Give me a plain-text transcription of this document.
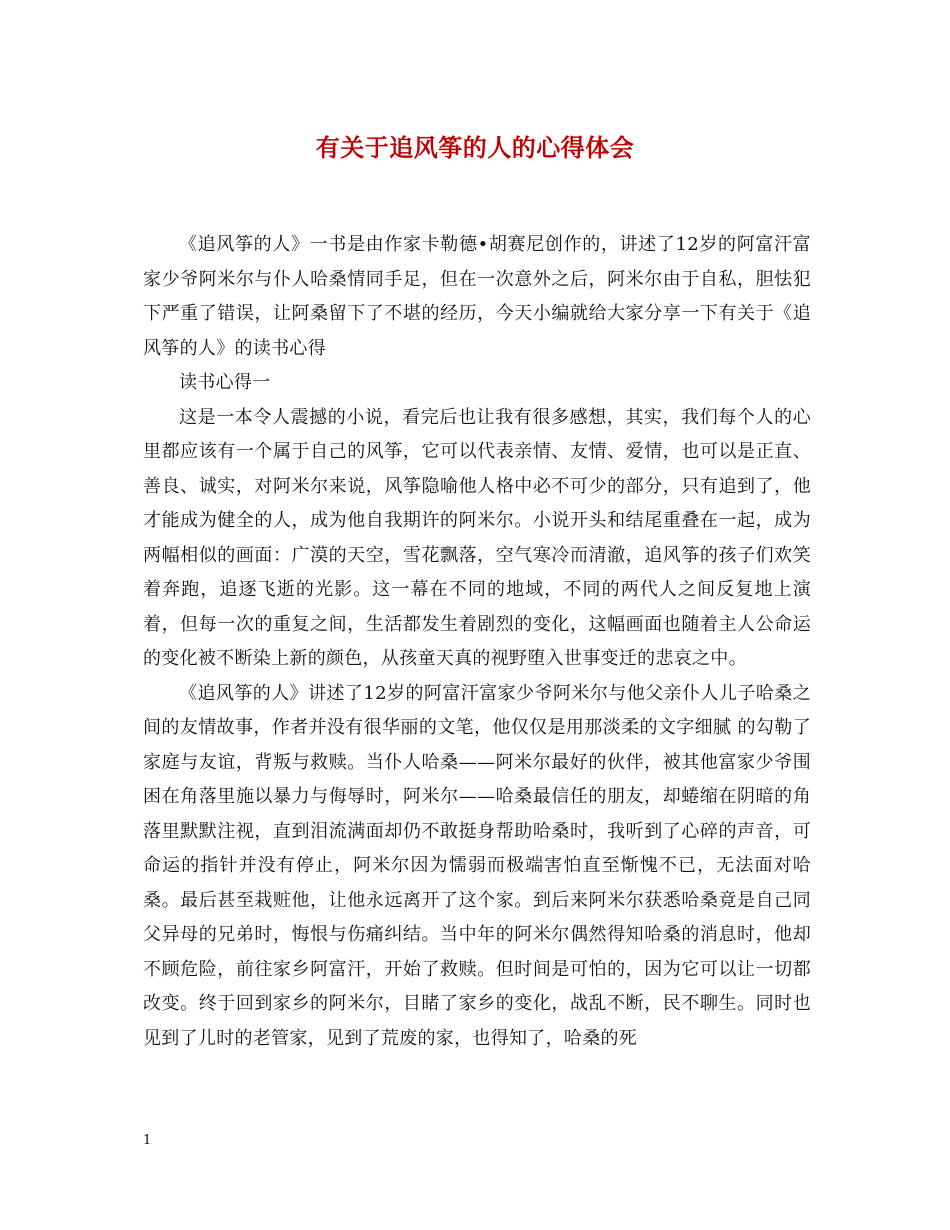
有关于追风筝的人的心得体会

《追风筝的人》一书是由作家卡勒德•胡赛尼创作的，讲述了12岁的阿富汗富家少爷阿米尔与仆人哈桑情同手足，但在一次意外之后，阿米尔由于自私，胆怯犯下严重了错误，让阿桑留下了不堪的经历，今天小编就给大家分享一下有关于《追风筝的人》的读书心得

读书心得一

这是一本令人震撼的小说，看完后也让我有很多感想，其实，我们每个人的心里都应该有一个属于自己的风筝，它可以代表亲情、友情、爱情，也可以是正直、善良、诚实，对阿米尔来说，风筝隐喻他人格中必不可少的部分，只有追到了，他才能成为健全的人，成为他自我期许的阿米尔。小说开头和结尾重叠在一起，成为两幅相似的画面：广漠的天空，雪花飘落，空气寒冷而清澈，追风筝的孩子们欢笑着奔跑，追逐飞逝的光影。这一幕在不同的地域，不同的两代人之间反复地上演着，但每一次的重复之间，生活都发生着剧烈的变化，这幅画面也随着主人公命运的变化被不断染上新的颜色，从孩童天真的视野堕入世事变迁的悲哀之中。

《追风筝的人》讲述了12岁的阿富汗富家少爷阿米尔与他父亲仆人儿子哈桑之间的友情故事，作者并没有很华丽的文笔，他仅仅是用那淡柔的文字细腻 的勾勒了家庭与友谊，背叛与救赎。当仆人哈桑——阿米尔最好的伙伴，被其他富家少爷围困在角落里施以暴力与侮辱时，阿米尔——哈桑最信任的朋友，却蜷缩在阴暗的角落里默默注视，直到泪流满面却仍不敢挺身帮助哈桑时，我听到了心碎的声音，可命运的指针并没有停止，阿米尔因为懦弱而极端害怕直至惭愧不已，无法面对哈桑。最后甚至栽赃他，让他永远离开了这个家。到后来阿米尔获悉哈桑竟是自己同父异母的兄弟时，悔恨与伤痛纠结。当中年的阿米尔偶然得知哈桑的消息时，他却不顾危险，前往家乡阿富汗，开始了救赎。但时间是可怕的，因为它可以让一切都改变。终于回到家乡的阿米尔，目睹了家乡的变化，战乱不断，民不聊生。同时也见到了儿时的老管家，见到了荒废的家，也得知了，哈桑的死

1
